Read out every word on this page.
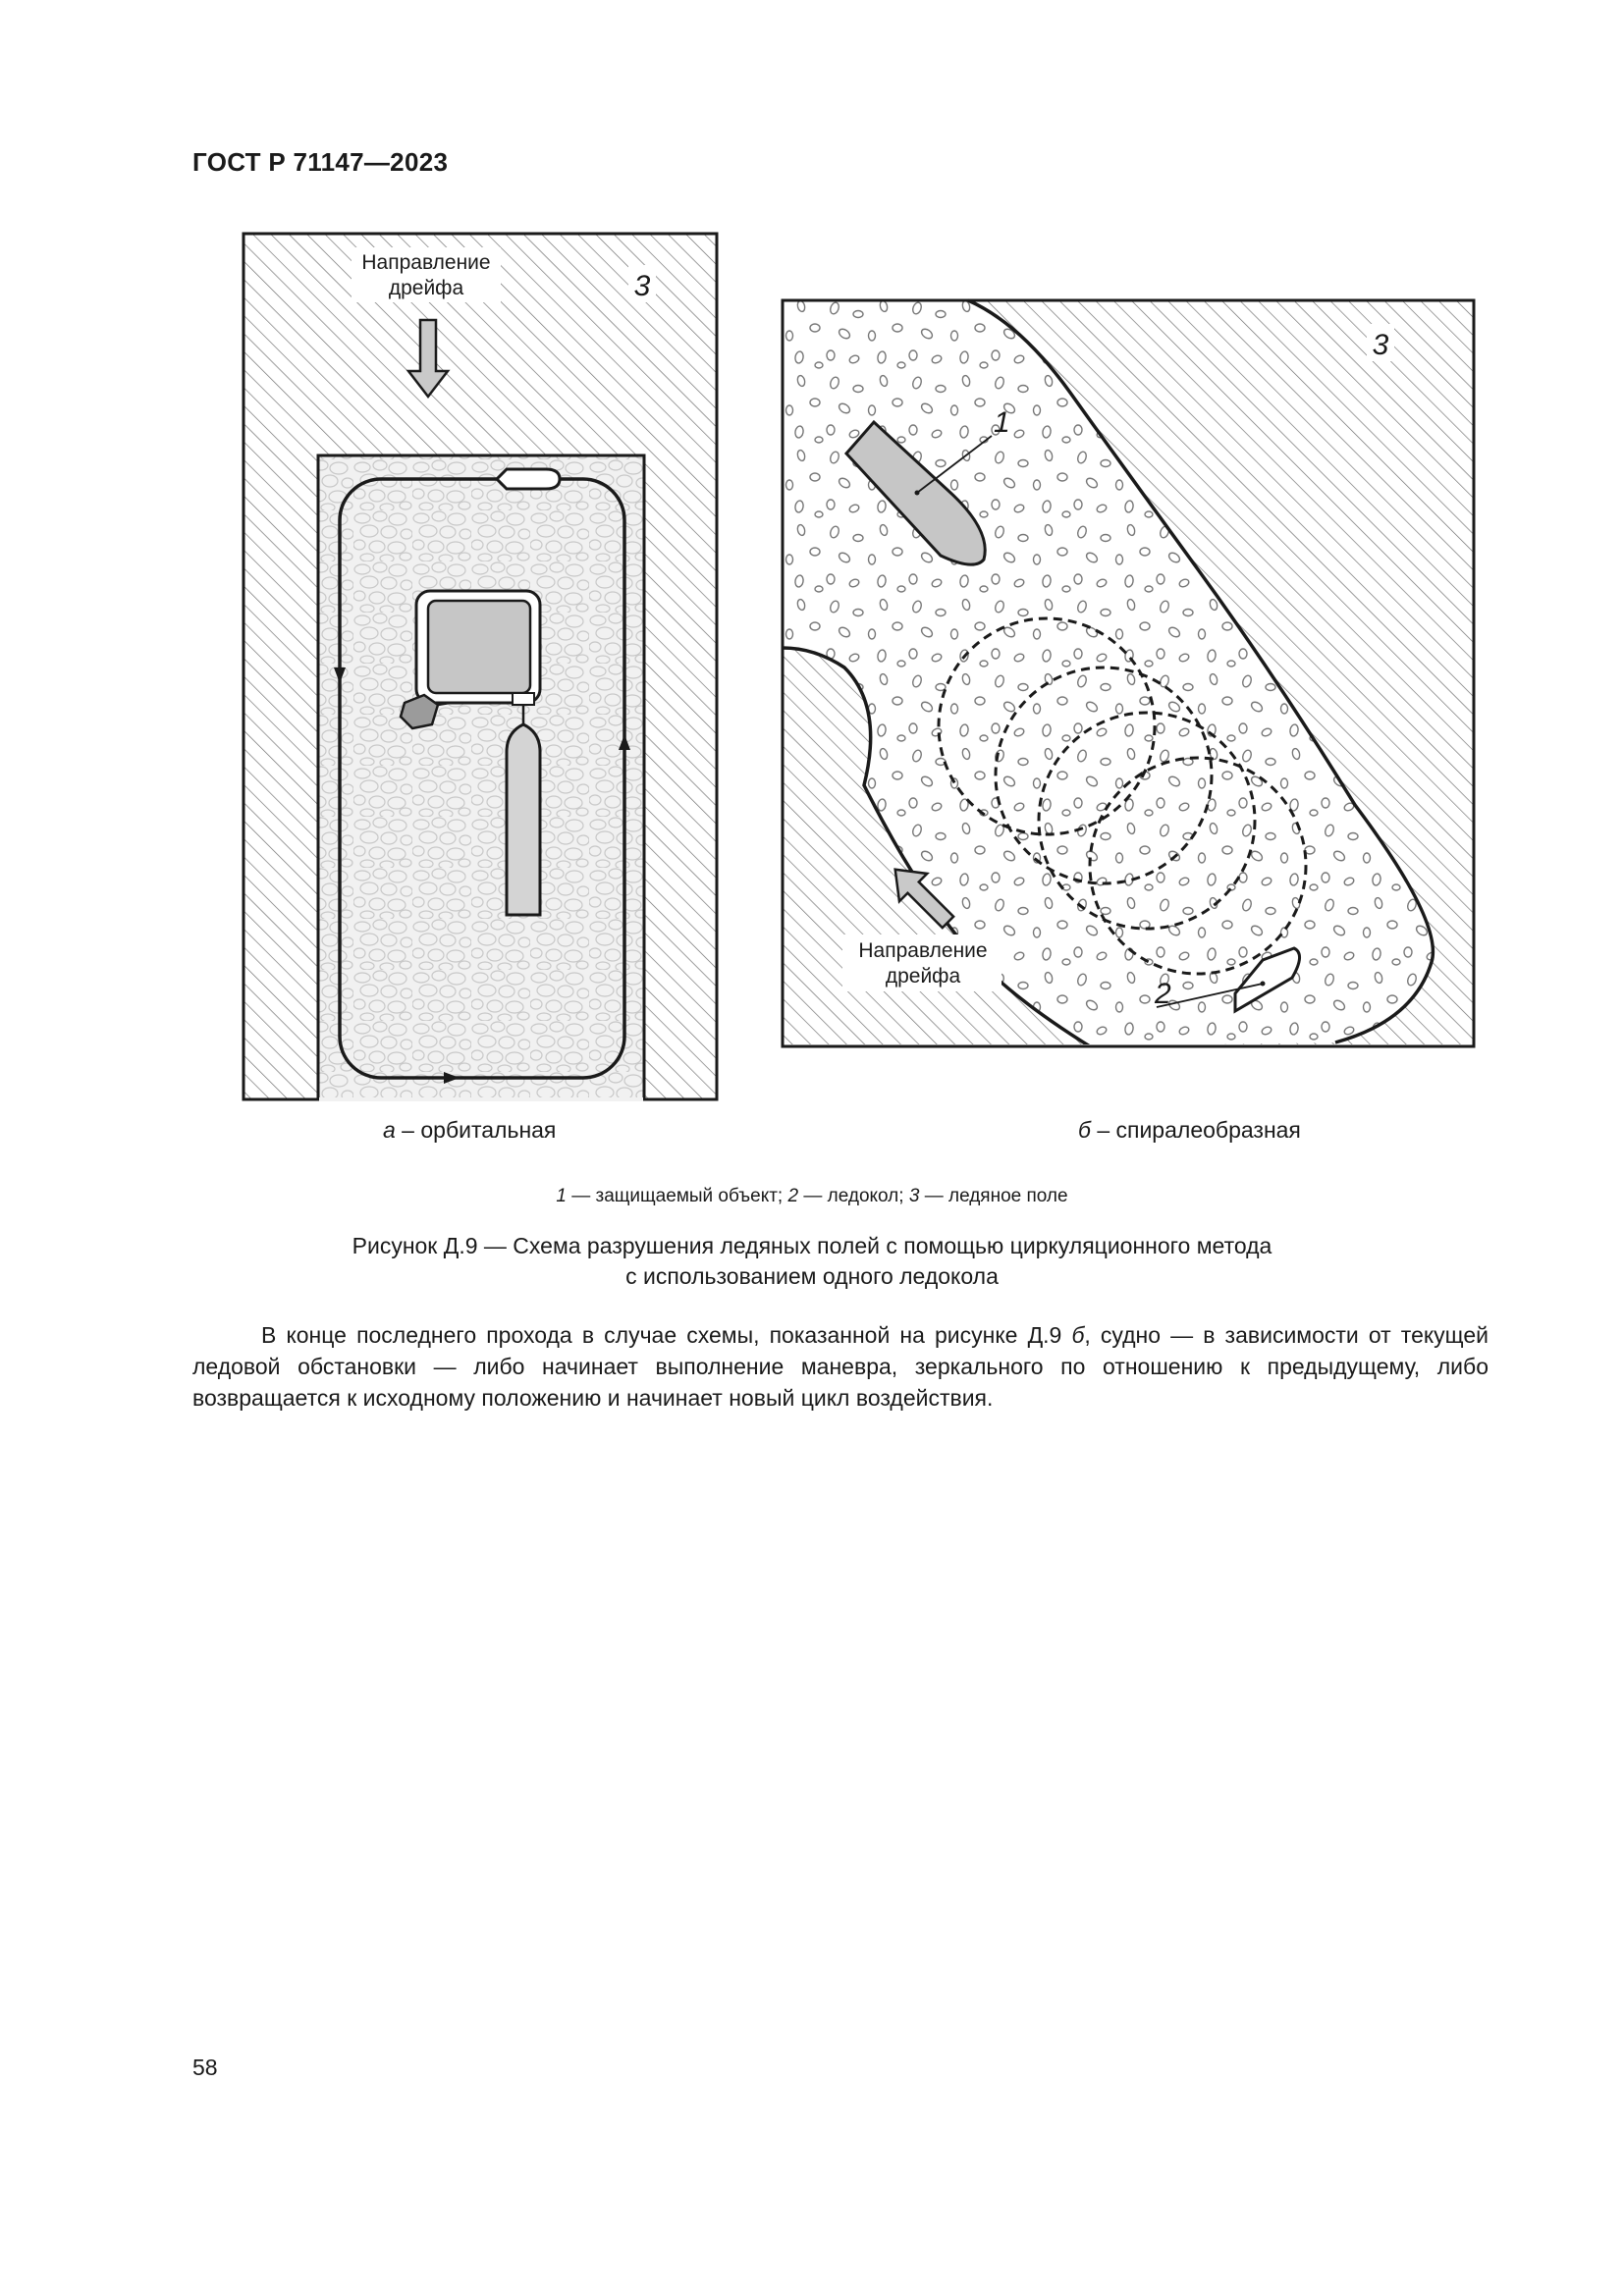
ГОСТ Р 71147—2023
Направление
дрейфа	3
1
2
Направление
дрейфа
3
а – орбитальная	б – спиралеобразная
1 — защищаемый объект; 2 — ледокол; 3 — ледяное поле
Рисунок Д.9 — Схема разрушения ледяных полей с помощью циркуляционного метода
с использованием одного ледокола

В конце последнего прохода в случае схемы, показанной на рисунке Д.9 б, судно — в зависимости от текущей ледовой обстановки — либо начинает выполнение маневра, зеркального по отношению к предыдущему, либо возвращается к исходному положению и начинает новый цикл воздействия.

58
